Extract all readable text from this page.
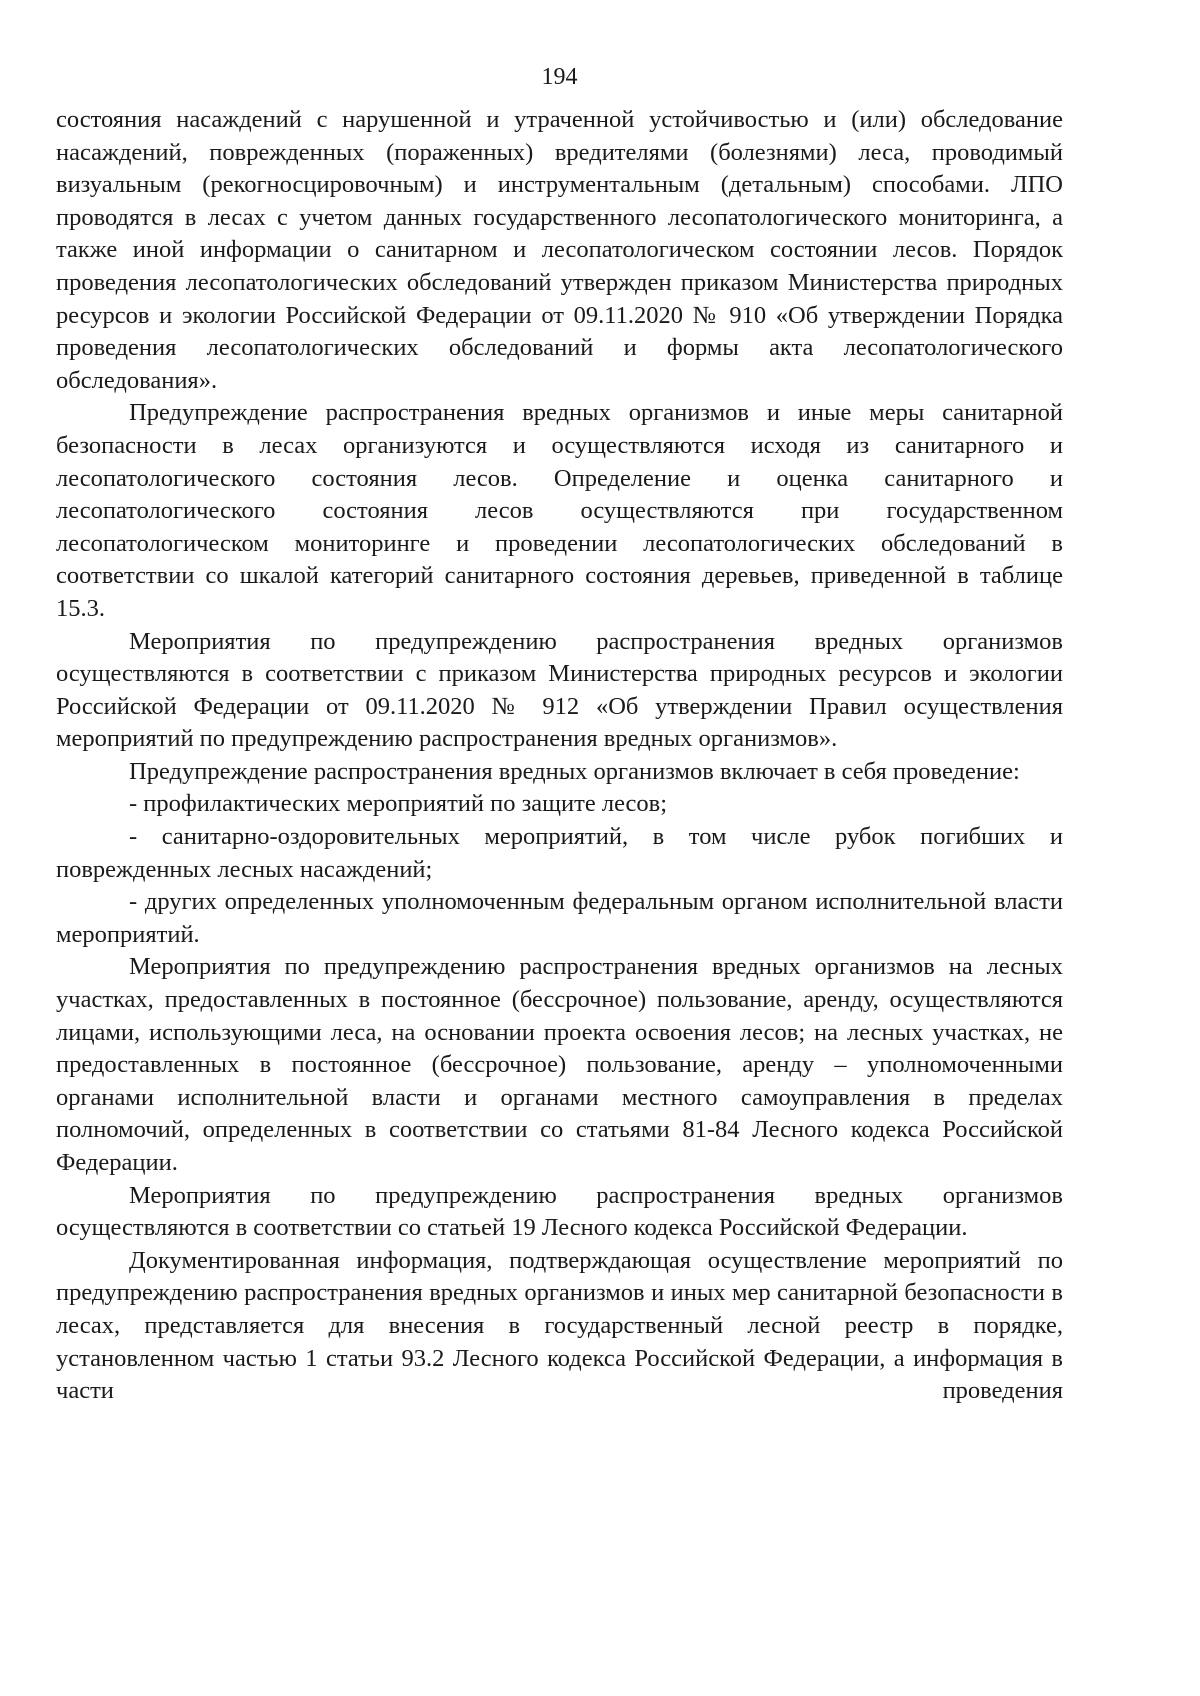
194

состояния насаждений с нарушенной и утраченной устойчивостью и (или) обследование насаждений, поврежденных (пораженных) вредителями (болезнями) леса, проводимый визуальным (рекогносцировочным) и инструментальным (детальным) способами. ЛПО проводятся в лесах с учетом данных государственного лесопатологического мониторинга, а также иной информации о санитарном и лесопатологическом состоянии лесов. Порядок проведения лесопатологических обследований утвержден приказом Министерства природных ресурсов и экологии Российской Федерации от 09.11.2020 № 910 «Об утверждении Порядка проведения лесопатологических обследований и формы акта лесопатологического обследования».

Предупреждение распространения вредных организмов и иные меры санитарной безопасности в лесах организуются и осуществляются исходя из санитарного и лесопатологического состояния лесов. Определение и оценка санитарного и лесопатологического состояния лесов осуществляются при государственном лесопатологическом мониторинге и проведении лесопатологических обследований в соответствии со шкалой категорий санитарного состояния деревьев, приведенной в таблице 15.3.

Мероприятия по предупреждению распространения вредных организмов осуществляются в соответствии с приказом Министерства природных ресурсов и экологии Российской Федерации от 09.11.2020 № 912 «Об утверждении Правил осуществления мероприятий по предупреждению распространения вредных организмов».

Предупреждение распространения вредных организмов включает в себя проведение:

- профилактических мероприятий по защите лесов;

- санитарно-оздоровительных мероприятий, в том числе рубок погибших и поврежденных лесных насаждений;

- других определенных уполномоченным федеральным органом исполнительной власти мероприятий.

Мероприятия по предупреждению распространения вредных организмов на лесных участках, предоставленных в постоянное (бессрочное) пользование, аренду, осуществляются лицами, использующими леса, на основании проекта освоения лесов; на лесных участках, не предоставленных в постоянное (бессрочное) пользование, аренду – уполномоченными органами исполнительной власти и органами местного самоуправления в пределах полномочий, определенных в соответствии со статьями 81-84 Лесного кодекса Российской Федерации.

Мероприятия по предупреждению распространения вредных организмов осуществляются в соответствии со статьей 19 Лесного кодекса Российской Федерации.

Документированная информация, подтверждающая осуществление мероприятий по предупреждению распространения вредных организмов и иных мер санитарной безопасности в лесах, представляется для внесения в государственный лесной реестр в порядке, установленном частью 1 статьи 93.2 Лесного кодекса Российской Федерации, а информация в части проведения
